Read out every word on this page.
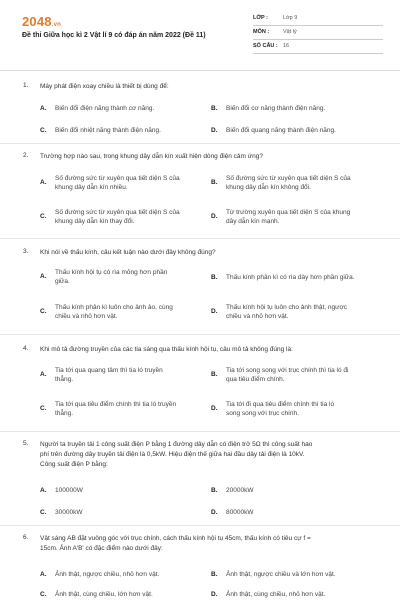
2048.vn
Đề thi Giữa học kì 2 Vật lí 9 có đáp án năm 2022 (Đề 11)
LỚP :	Lớp 9
MÔN :	Vật lý
SỐ CÂU : 16
1. Máy phát điện xoay chiều là thiết bị dùng để:
A. Biến đổi điện năng thành cơ năng.	B. Biến đổi cơ năng thành điện năng.
C. Biến đổi nhiệt năng thành điện năng.	D. Biến đổi quang năng thành điện năng.
2. Trường hợp nào sau, trong khung dây dẫn kín xuất hiện dòng điện cảm ứng?
A.
Số đường sức từ xuyên qua tiết diện S của
khung dây dẫn kín nhiều.
B.
Số đường sức từ xuyên qua tiết diện S của
khung dây dẫn kín không đổi.
C.
Số đường sức từ xuyên qua tiết diện S của
khung dây dẫn kín thay đổi.
D.
Từ trường xuyên qua tiết diện S của khung
dây dẫn kín mạnh.
3. Khi nói về thấu kính, câu kết luận nào dưới đây không đúng?
A.
Thấu kính hội tụ có rìa mỏng hơn phần
giữa.
B. Thấu kính phân kì có rìa dày hơn phần giữa.
C.
Thấu kính phân kì luôn cho ảnh ảo, cùng
chiều và nhỏ hơn vật.
D.
Thấu kính hội tụ luôn cho ảnh thật, ngược
chiều và nhỏ hơn vật.
4. Khi mô tả đường truyền của các tia sáng qua thấu kính hội tụ, câu mô tả không đúng là:
A.
Tia tới qua quang tâm thì tia ló truyền
thẳng.
B.
Tia tới song song với trục chính thì tia ló đi
qua tiêu điểm chính.
C.
Tia tới qua tiêu điểm chính thì tia ló truyền
thẳng.
D.
Tia tới đi qua tiêu điểm chính thì tia ló
song song với trục chính.
5. Người ta truyền tải 1 công suất điện P bằng 1 đường dây dẫn có điện trở 5Ω thì công suất hao
phí trên đường dây truyền tải điện là 0,5kW. Hiệu điện thế giữa hai đầu dây tải điện là 10kV.
Công suất điện P bằng:
A. 100000W	B. 20000kW
C. 30000kW	D. 80000kW
6. Vật sáng AB đặt vuông góc với trục chính, cách thấu kính hội tụ 45cm, thấu kính có tiêu cự f =
15cm. Ảnh A'B' có đặc điểm nào dưới đây:
A. Ảnh thật, ngược chiều, nhỏ hơn vật.	B. Ảnh thật, ngược chiều và lớn hơn vật.
C. Ảnh thật, cùng chiều, lớn hơn vật.	D. Ảnh thật, cùng chiều, nhỏ hơn vật.
